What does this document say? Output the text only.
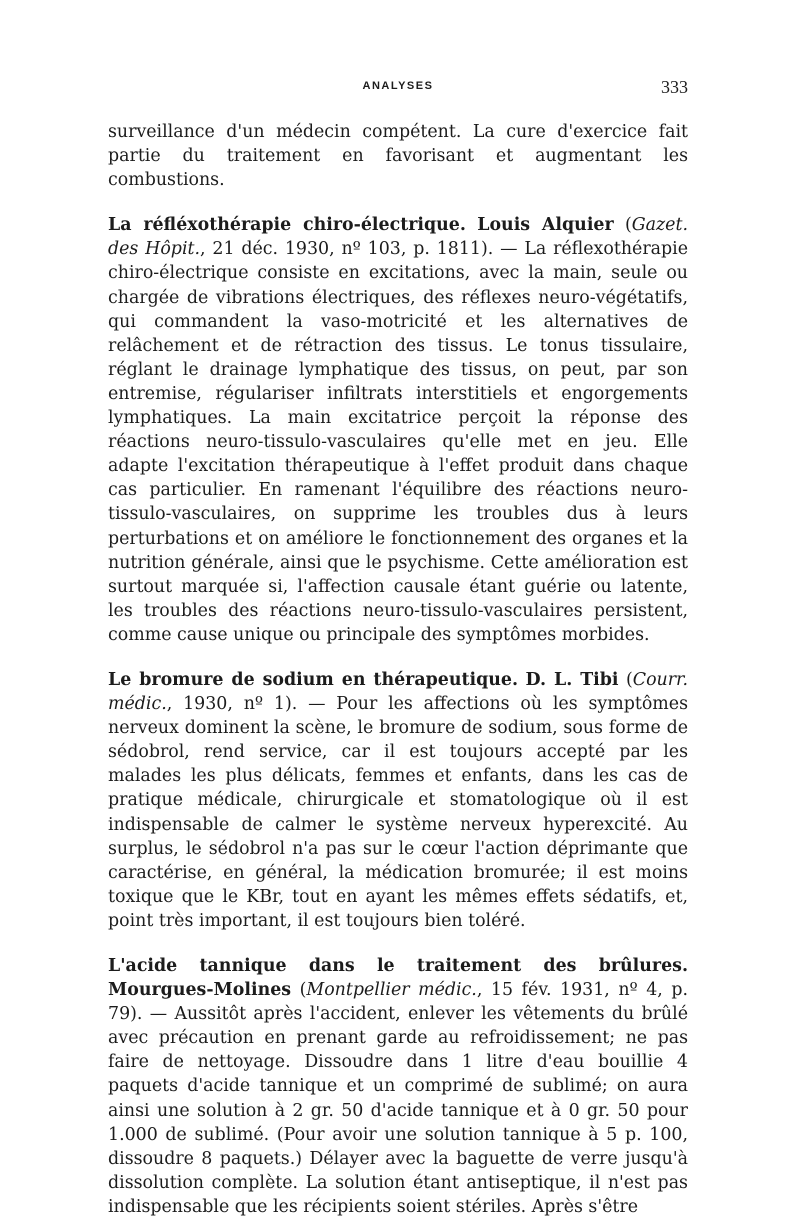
ANALYSES	333

surveillance d'un médecin compétent. La cure d'exercice fait partie du traitement en favorisant et augmentant les combustions.

La réfléxothérapie chiro-électrique. Louis Alquier (Gazet. des Hôpit., 21 déc. 1930, nº 103, p. 1811). — La réflexothérapie chiro-électrique consiste en excitations, avec la main, seule ou chargée de vibrations électriques, des réflexes neuro-végétatifs, qui commandent la vaso-motricité et les alternatives de relâchement et de rétraction des tissus. Le tonus tissulaire, réglant le drainage lymphatique des tissus, on peut, par son entremise, régulariser infiltrats interstitiels et engorgements lymphatiques. La main excitatrice perçoit la réponse des réactions neuro-tissulo-vasculaires qu'elle met en jeu. Elle adapte l'excitation thérapeutique à l'effet produit dans chaque cas particulier. En ramenant l'équilibre des réactions neuro-tissulo-vasculaires, on supprime les troubles dus à leurs perturbations et on améliore le fonctionnement des organes et la nutrition générale, ainsi que le psychisme. Cette amélioration est surtout marquée si, l'affection causale étant guérie ou latente, les troubles des réactions neuro-tissulo-vasculaires persistent, comme cause unique ou principale des symptômes morbides.

Le bromure de sodium en thérapeutique. D. L. Tibi (Courr. médic., 1930, nº 1). — Pour les affections où les symptômes nerveux dominent la scène, le bromure de sodium, sous forme de sédobrol, rend service, car il est toujours accepté par les malades les plus délicats, femmes et enfants, dans les cas de pratique médicale, chirurgicale et stomatologique où il est indispensable de calmer le système nerveux hyperexcité. Au surplus, le sédobrol n'a pas sur le cœur l'action déprimante que caractérise, en général, la médication bromurée; il est moins toxique que le KBr, tout en ayant les mêmes effets sédatifs, et, point très important, il est toujours bien toléré.

L'acide tannique dans le traitement des brûlures. Mourgues-Molines (Montpellier médic., 15 fév. 1931, nº 4, p. 79). — Aussitôt après l'accident, enlever les vêtements du brûlé avec précaution en prenant garde au refroidissement; ne pas faire de nettoyage. Dissoudre dans 1 litre d'eau bouillie 4 paquets d'acide tannique et un comprimé de sublimé; on aura ainsi une solution à 2 gr. 50 d'acide tannique et à 0 gr. 50 pour 1.000 de sublimé. (Pour avoir une solution tannique à 5 p. 100, dissoudre 8 paquets.) Délayer avec la baguette de verre jusqu'à dissolution complète. La solution étant antiseptique, il n'est pas indispensable que les récipients soient stériles. Après s'être
